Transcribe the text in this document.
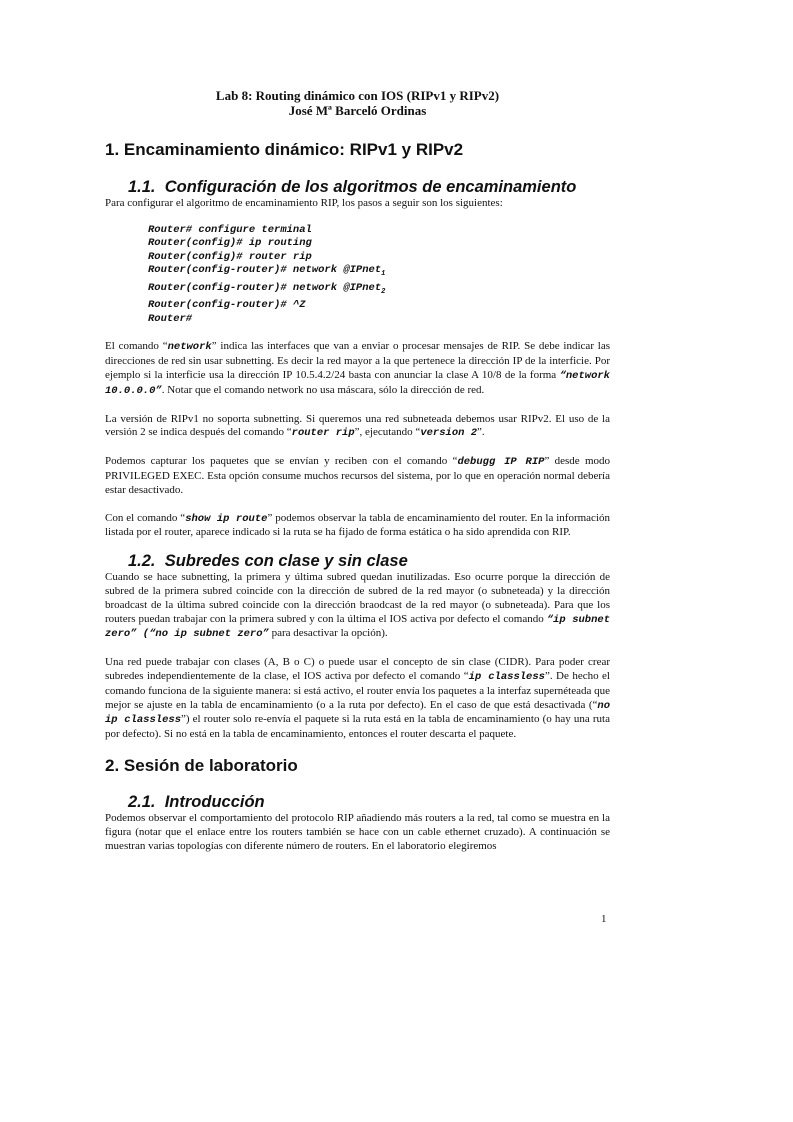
Lab 8: Routing dinámico con IOS (RIPv1 y RIPv2)

José Mª Barceló Ordinas

1. Encaminamiento dinámico: RIPv1 y RIPv2
1.1. Configuración de los algoritmos de encaminamiento

Para configurar el algoritmo de encaminamiento RIP, los pasos a seguir son los siguientes:

Router# configure terminal
Router(config)# ip routing
Router(config)# router rip
Router(config-router)# network @IPnet$_1$
Router(config-router)# network @IPnet$_2$
Router(config-router)# ^Z
Router#

El comando “network” indica las interfaces que van a enviar o procesar mensajes de RIP. Se debe indicar las direcciones de red sin usar subnetting. Es decir la red mayor a la que pertenece la dirección IP de la interficie. Por ejemplo si la interficie usa la dirección IP 10.5.4.2/24 basta con anunciar la clase A 10/8 de la forma “network 10.0.0.0”. Notar que el comando network no usa máscara, sólo la dirección de red.

La versión de RIPv1 no soporta subnetting. Si queremos una red subneteada debemos usar RIPv2. El uso de la versión 2 se indica después del comando “router rip”, ejecutando “version 2”.

Podemos capturar los paquetes que se envían y reciben con el comando “debugg IP RIP” desde modo PRIVILEGED EXEC. Esta opción consume muchos recursos del sistema, por lo que en operación normal debería estar desactivado.

Con el comando “show ip route” podemos observar la tabla de encaminamiento del router. En la información listada por el router, aparece indicado si la ruta se ha fijado de forma estática o ha sido aprendida con RIP.

1.2. Subredes con clase y sin clase

Cuando se hace subnetting, la primera y última subred quedan inutilizadas. Eso ocurre porque la dirección de subred de la primera subred coincide con la dirección de subred de la red mayor (o subneteada) y la dirección broadcast de la última subred coincide con la dirección braodcast de la red mayor (o subneteada). Para que los routers puedan trabajar con la primera subred y con la última el IOS activa por defecto el comando “ip subnet zero” (“no ip subnet zero” para desactivar la opción).

Una red puede trabajar con clases (A, B o C) o puede usar el concepto de sin clase (CIDR). Para poder crear subredes independientemente de la clase, el IOS activa por defecto el comando “ip classless”. De hecho el comando funciona de la siguiente manera: si está activo, el router envía los paquetes a la interfaz supernéteada que mejor se ajuste en la tabla de encaminamiento (o a la ruta por defecto). En el caso de que está desactivada (“no ip classless”) el router solo re-envía el paquete si la ruta está en la tabla de encaminamiento (o hay una ruta por defecto). Si no está en la tabla de encaminamiento, entonces el router descarta el paquete.

2. Sesión de laboratorio
2.1. Introducción

Podemos observar el comportamiento del protocolo RIP añadiendo más routers a la red, tal como se muestra en la figura (notar que el enlace entre los routers también se hace con un cable ethernet cruzado). A continuación se muestran varias topologías con diferente número de routers. En el laboratorio elegiremos

1
